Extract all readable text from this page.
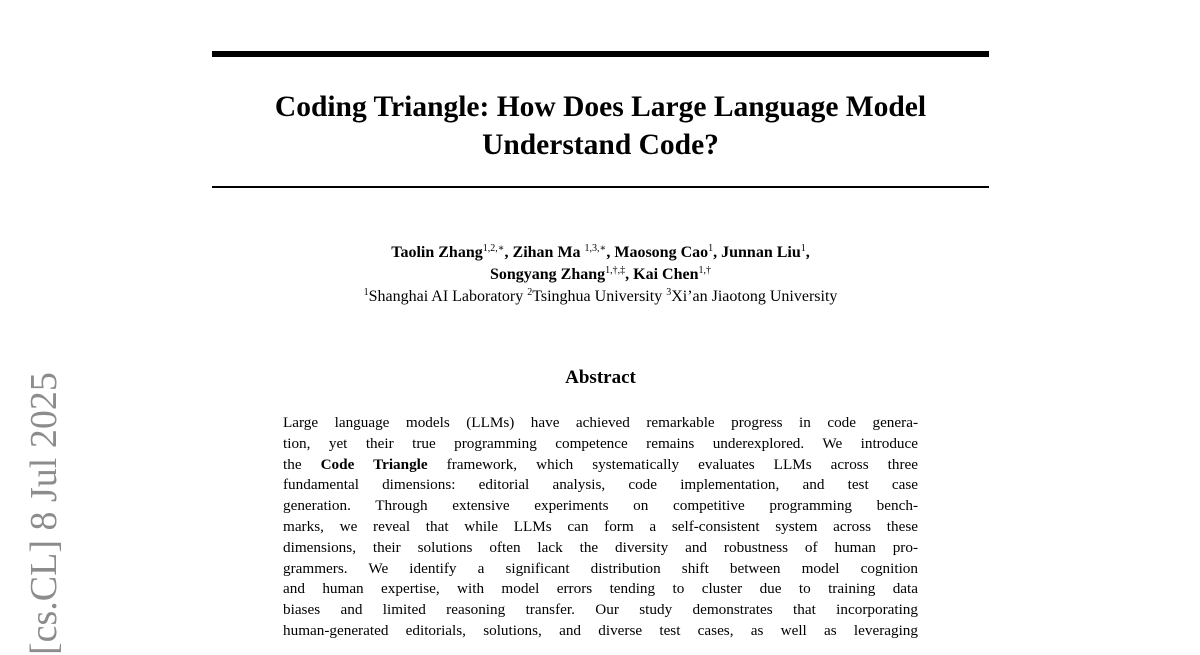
Coding Triangle: How Does Large Language Model
Understand Code?
Taolin Zhang$^{1,2,∗}$, Zihan Ma $^{1,3,∗}$, Maosong Cao$^1$, Junnan Liu$^1$,
Songyang Zhang$^{1,\dagger,\ddagger}$, Kai Chen$^{1,\dagger}$
$^1$Shanghai AI Laboratory $^2$Tsinghua University $^3$Xi’an Jiaotong University
Abstract
Large language models (LLMs) have achieved remarkable progress in code genera-
tion, yet their true programming competence remains underexplored. We introduce
the Code Triangle framework, which systematically evaluates LLMs across three
fundamental dimensions: editorial analysis, code implementation, and test case
generation. Through extensive experiments on competitive programming bench-
marks, we reveal that while LLMs can form a self-consistent system across these
dimensions, their solutions often lack the diversity and robustness of human pro-
grammers. We identify a significant distribution shift between model cognition
and human expertise, with model errors tending to cluster due to training data
biases and limited reasoning transfer. Our study demonstrates that incorporating
human-generated editorials, solutions, and diverse test cases, as well as leveraging
[cs.CL] 8 Jul 2025
